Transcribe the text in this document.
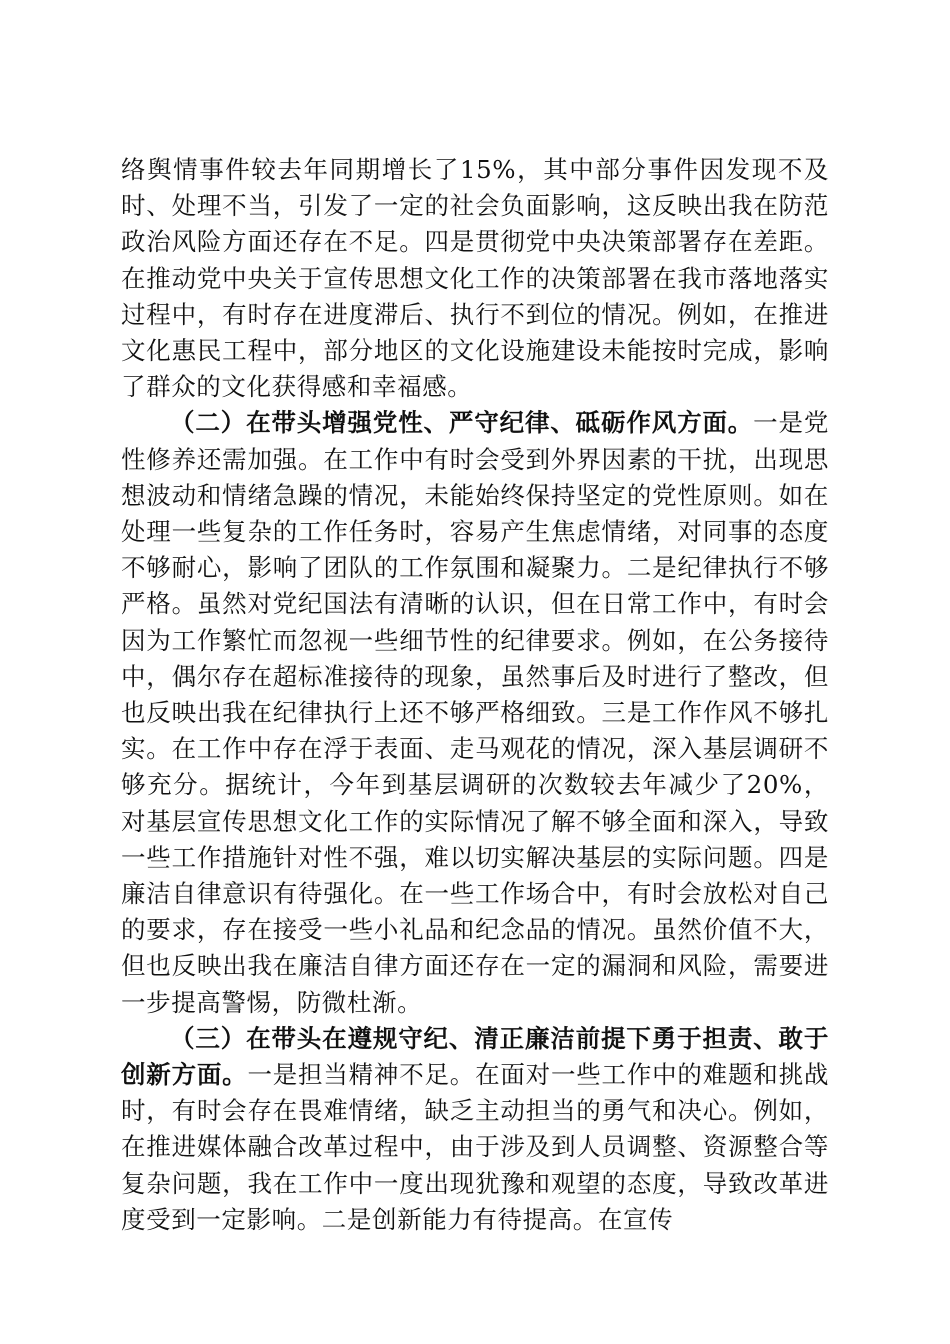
络舆情事件较去年同期增长了15%，其中部分事件因发现不及时、处理不当，引发了一定的社会负面影响，这反映出我在防范政治风险方面还存在不足。四是贯彻党中央决策部署存在差距。在推动党中央关于宣传思想文化工作的决策部署在我市落地落实过程中，有时存在进度滞后、执行不到位的情况。例如，在推进文化惠民工程中，部分地区的文化设施建设未能按时完成，影响了群众的文化获得感和幸福感。

（二）在带头增强党性、严守纪律、砥砺作风方面。一是党性修养还需加强。在工作中有时会受到外界因素的干扰，出现思想波动和情绪急躁的情况，未能始终保持坚定的党性原则。如在处理一些复杂的工作任务时，容易产生焦虑情绪，对同事的态度不够耐心，影响了团队的工作氛围和凝聚力。二是纪律执行不够严格。虽然对党纪国法有清晰的认识，但在日常工作中，有时会因为工作繁忙而忽视一些细节性的纪律要求。例如，在公务接待中，偶尔存在超标准接待的现象，虽然事后及时进行了整改，但也反映出我在纪律执行上还不够严格细致。三是工作作风不够扎实。在工作中存在浮于表面、走马观花的情况，深入基层调研不够充分。据统计，今年到基层调研的次数较去年减少了20%，对基层宣传思想文化工作的实际情况了解不够全面和深入，导致一些工作措施针对性不强，难以切实解决基层的实际问题。四是廉洁自律意识有待强化。在一些工作场合中，有时会放松对自己的要求，存在接受一些小礼品和纪念品的情况。虽然价值不大，但也反映出我在廉洁自律方面还存在一定的漏洞和风险，需要进一步提高警惕，防微杜渐。

（三）在带头在遵规守纪、清正廉洁前提下勇于担责、敢于创新方面。一是担当精神不足。在面对一些工作中的难题和挑战时，有时会存在畏难情绪，缺乏主动担当的勇气和决心。例如，在推进媒体融合改革过程中，由于涉及到人员调整、资源整合等复杂问题，我在工作中一度出现犹豫和观望的态度，导致改革进度受到一定影响。二是创新能力有待提高。在宣传
